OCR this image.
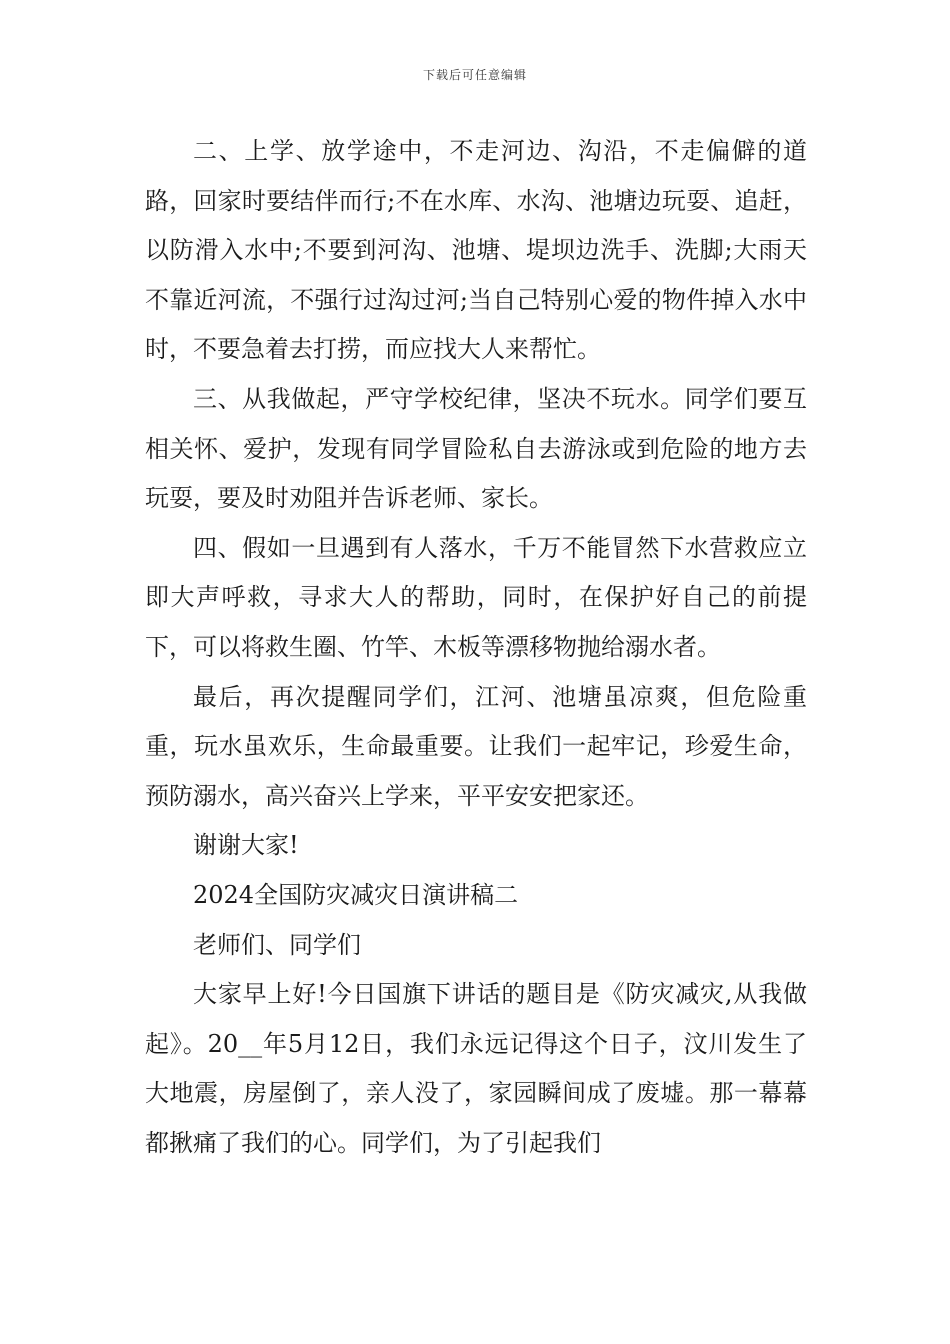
下载后可任意编辑

二、上学、放学途中，不走河边、沟沿，不走偏僻的道路，回家时要结伴而行;不在水库、水沟、池塘边玩耍、追赶，以防滑入水中;不要到河沟、池塘、堤坝边洗手、洗脚;大雨天不靠近河流，不强行过沟过河;当自己特别心爱的物件掉入水中时，不要急着去打捞，而应找大人来帮忙。

三、从我做起，严守学校纪律，坚决不玩水。同学们要互相关怀、爱护，发现有同学冒险私自去游泳或到危险的地方去玩耍，要及时劝阻并告诉老师、家长。

四、假如一旦遇到有人落水，千万不能冒然下水营救应立即大声呼救，寻求大人的帮助，同时，在保护好自己的前提下，可以将救生圈、竹竿、木板等漂移物抛给溺水者。

最后，再次提醒同学们，江河、池塘虽凉爽，但危险重重，玩水虽欢乐，生命最重要。让我们一起牢记，珍爱生命，预防溺水，高兴奋兴上学来，平平安安把家还。

谢谢大家!

2024全国防灾减灾日演讲稿二

老师们、同学们

大家早上好!今日国旗下讲话的题目是《防灾减灾,从我做起》。20__年5月12日，我们永远记得这个日子，汶川发生了大地震，房屋倒了，亲人没了，家园瞬间成了废墟。那一幕幕都揪痛了我们的心。同学们，为了引起我们
